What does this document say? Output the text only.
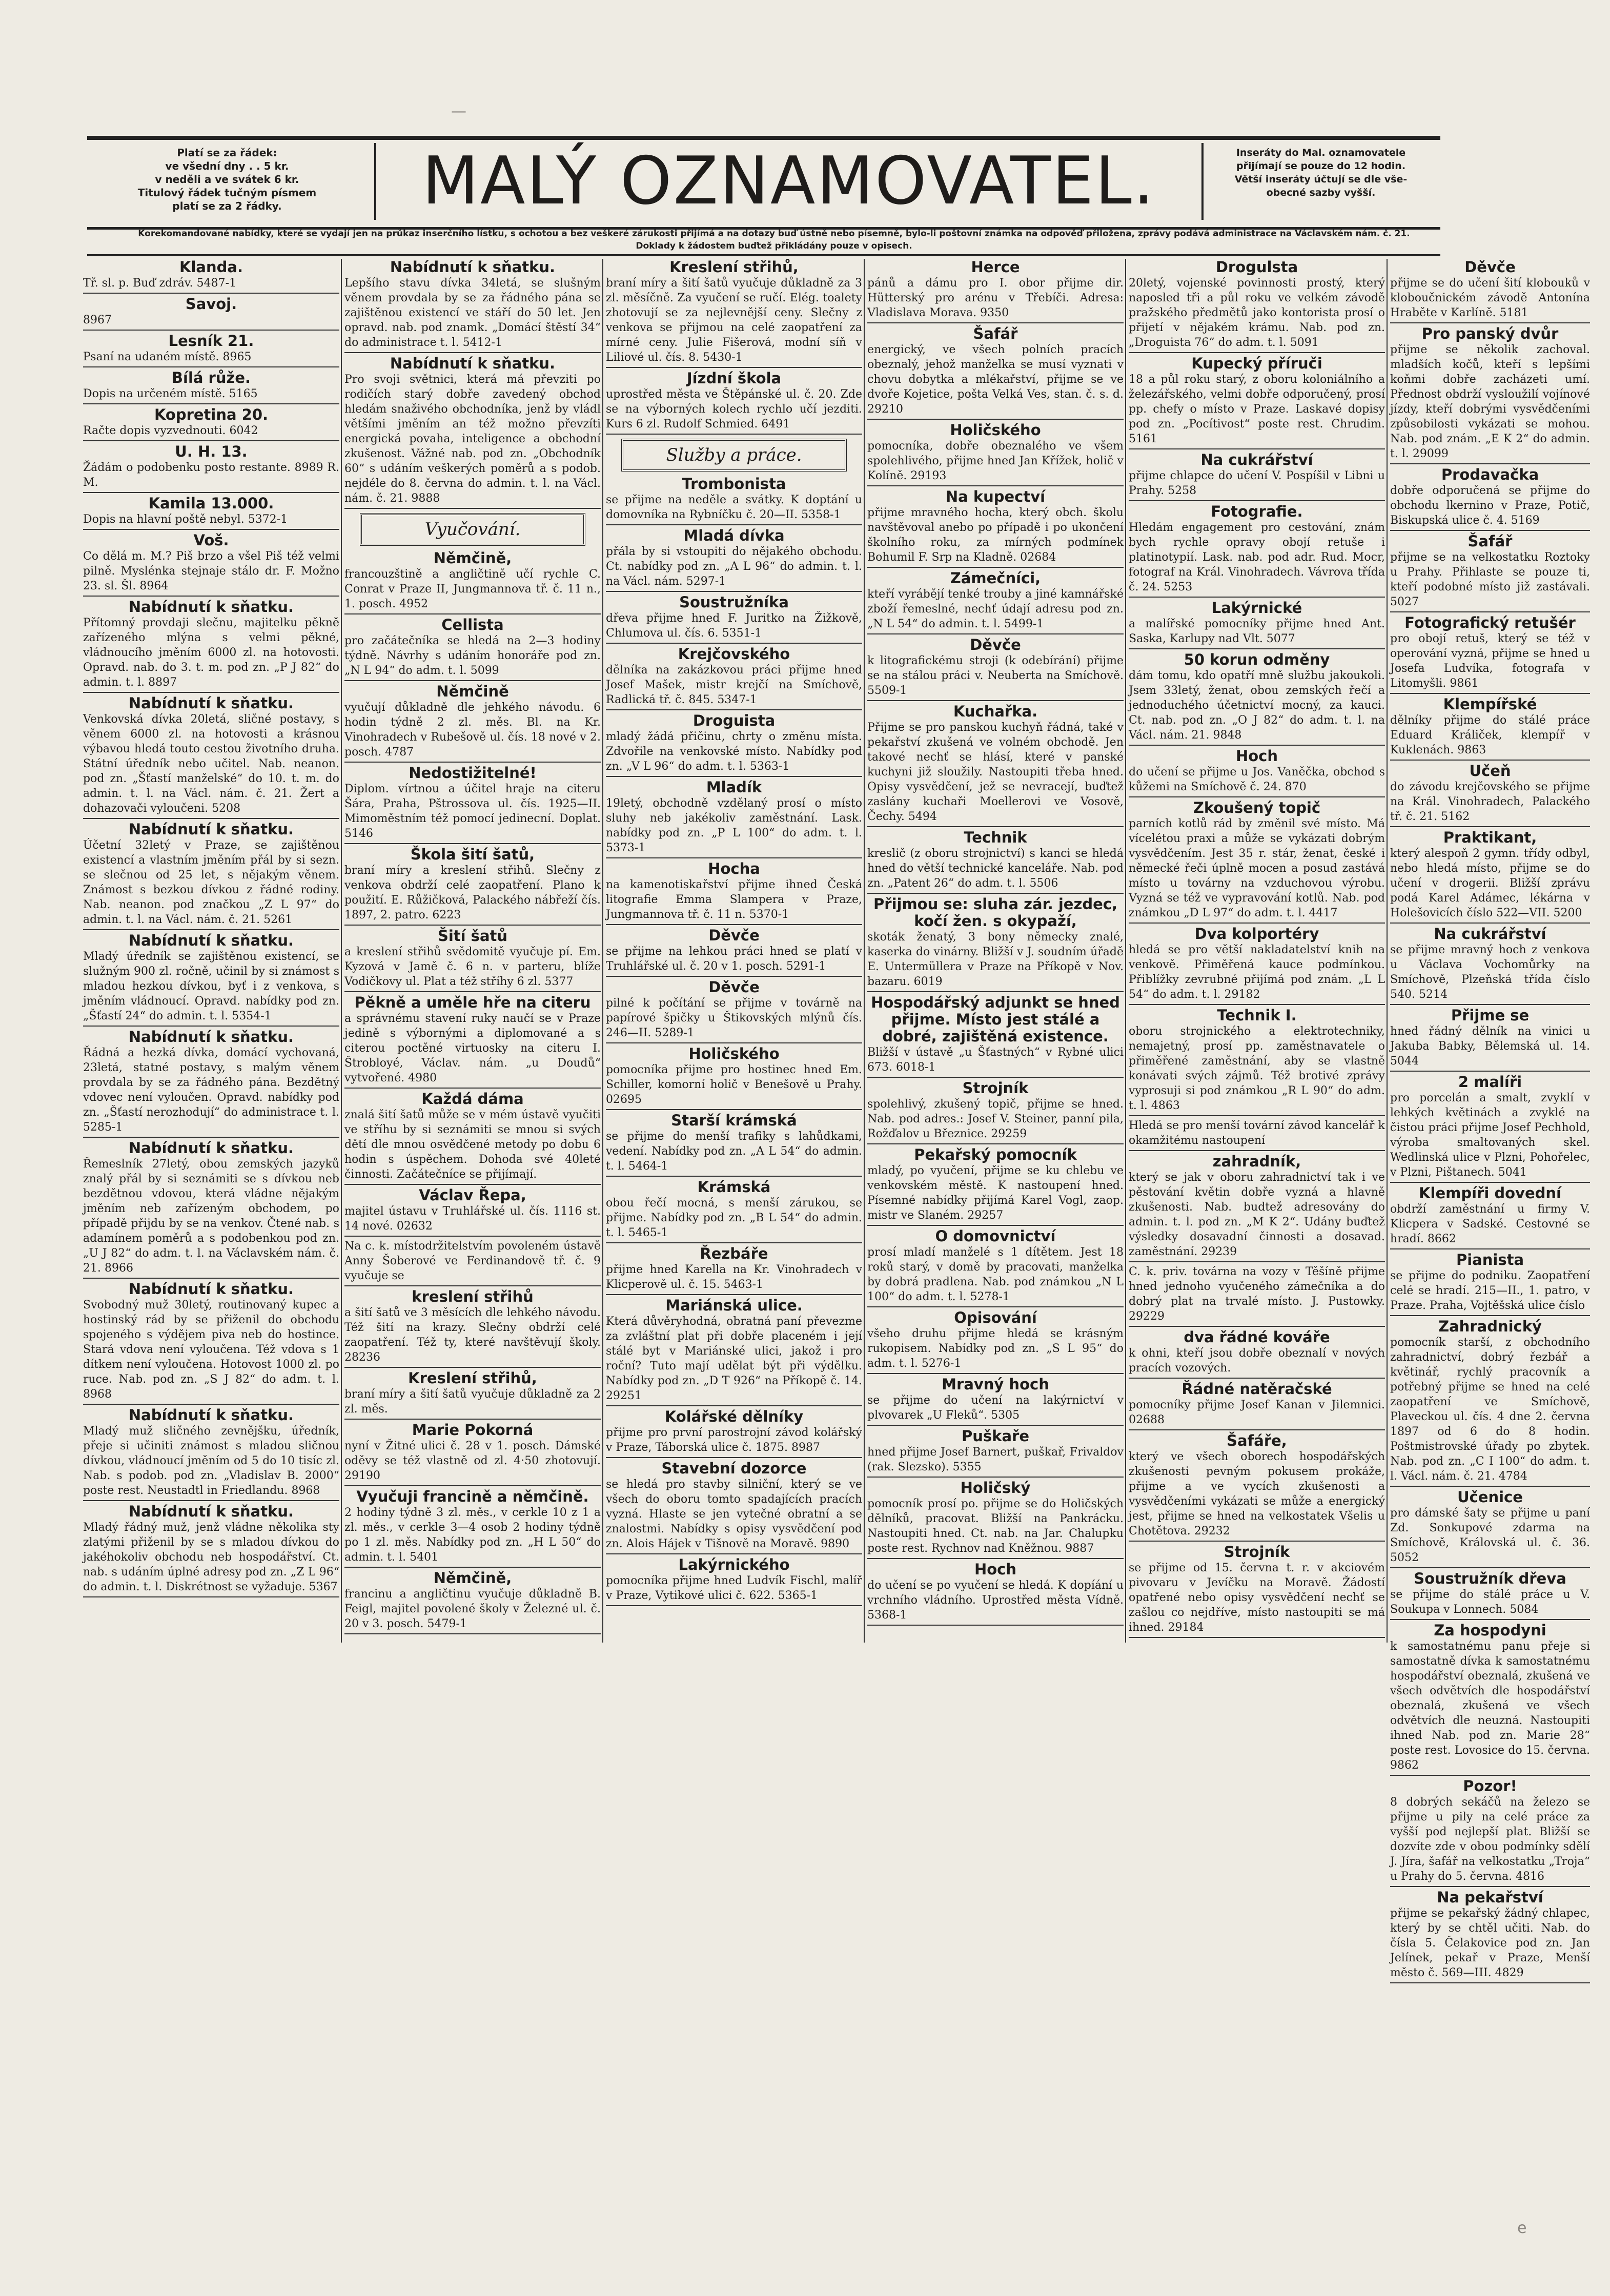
Platí se za řádek:
ve všední dny . . 5 kr.
v neděli a ve svátek 6 kr.
Titulový řádek tučným písmem
platí se za 2 řádky.	MALÝ OZNAMOVATEL.	Inseráty do Mal. oznamovatele
přijímají se pouze do 12 hodin.
Větší inseráty účtují se dle vše-
obecné sazby vyšší.
Korekomandované nabídky, které se vydají jen na průkaz inserčního lístku, s ochotou a bez veškeré zárukosti přijímá a na dotazy buď ústně nebo písemně, bylo-li poštovní známka na odpověď přiložena, zprávy podává administrace na Václavském nám. č. 21. Doklady k žádostem buďtež přikládány pouze v opisech.
Klanda.
Tř. sl. p. Buď zdráv. 5487-1
Savoj.
8967
Lesník 21.
Psaní na udaném místě. 8965
Bílá růže.
Dopis na určeném místě. 5165
Kopretina 20.
Račte dopis vyzvednouti. 6042
U. H. 13.
Žádám o podobenku posto restante. 8989 R. M.
Kamila 13.000.
Dopis na hlavní poště nebyl. 5372-1
Voš.
Co dělá m. M.? Piš brzo a všel Piš též velmi pilně. Myslénka stejnaje stálo dr. F. Možno 23. sl. Šl. 8964
Nabídnutí k sňatku.
Přítomný provdaji slečnu, majitelku pěkně zařízeného mlýna s velmi pěkné, vládnoucího jměním 6000 zl. na hotovosti. Opravd. nab. do 3. t. m. pod zn. „P J 82“ do admin. t. l. 8897
Nabídnutí k sňatku.
Venkovská dívka 20letá, sličné postavy, s věnem 6000 zl. na hotovosti a krásnou výbavou hledá touto cestou životního druha. Státní úředník nebo učitel. Nab. neanon. pod zn. „Šťastí manželské“ do 10. t. m. do admin. t. l. na Václ. nám. č. 21. Žert a dohazovači vyloučeni. 5208
Nabídnutí k sňatku.
Účetní 32letý v Praze, se zajištěnou existencí a vlastním jměním přál by si sezn. se slečnou od 25 let, s nějakým věnem. Známost s bezkou dívkou z řádné rodiny. Nab. neanon. pod značkou „Z L 97“ do admin. t. l. na Václ. nám. č. 21. 5261
Nabídnutí k sňatku.
Mladý úředník se zajištěnou existencí, se služným 900 zl. ročně, učinil by si známost s mladou hezkou dívkou, byť i z venkova, s jměním vládnoucí. Opravd. nabídky pod zn. „Šťastí 24“ do admin. t. l. 5354-1
Nabídnutí k sňatku.
Řádná a hezká dívka, domácí vychovaná, 23letá, statné postavy, s malým věnem provdala by se za řádného pána. Bezdětný vdovec není vyloučen. Opravd. nabídky pod zn. „Šťastí nerozhodují“ do administrace t. l. 5285-1
Nabídnutí k sňatku.
Řemeslník 27letý, obou zemských jazyků znalý přál by si seznámiti se s dívkou neb bezdětnou vdovou, která vládne nějakým jměním neb zařízeným obchodem, po případě přijdu by se na venkov. Čtené nab. s adamínem poměrů a s podobenkou pod zn. „U J 82“ do adm. t. l. na Václavském nám. č. 21. 8966
Nabídnutí k sňatku.
Svobodný muž 30letý, routinovaný kupec a hostinský rád by se přiženil do obchodu spojeného s výdějem piva neb do hostince. Stará vdova není vyloučena. Též vdova s 1 dítkem není vyloučena. Hotovost 1000 zl. po ruce. Nab. pod zn. „S J 82“ do adm. t. l. 8968
Nabídnutí k sňatku.
Mladý muž sličného zevnějšku, úředník, přeje si učiniti známost s mladou sličnou dívkou, vládnoucí jměním od 5 do 10 tisíc zl. Nab. s podob. pod zn. „Vladislav B. 2000“ poste rest. Neustadtl in Friedlandu. 8968
Nabídnutí k sňatku.
Mladý řádný muž, jenž vládne několika sty zlatými přiženil by se s mladou dívkou do jakéhokoliv obchodu neb hospodářství. Ct. nab. s udáním úplné adresy pod zn. „Z L 96“ do admin. t. l. Diskrétnost se vyžaduje. 5367
Nabídnutí k sňatku.
Lepšího stavu dívka 34letá, se slušným věnem provdala by se za řádného pána se zajištěnou existencí ve stáří do 50 let. Jen opravd. nab. pod znamk. „Domácí štěstí 34“ do administrace t. l. 5412-1
Nabídnutí k sňatku.
Pro svoji světnici, která má převziti po rodičích starý dobře zavedený obchod hledám snaživého obchodníka, jenž by vládl většími jměním an též možno převzíti energická povaha, inteligence a obchodní zkušenost. Vážné nab. pod zn. „Obchodník 60“ s udáním veškerých poměrů a s podob. nejdéle do 8. června do admin. t. l. na Václ. nám. č. 21. 9888
Vyučování.
Němčině,
francouzštině a angličtině učí rychle C. Conrat v Praze II, Jungmannova tř. č. 11 n., 1. posch. 4952
Cellista
pro začátečníka se hledá na 2—3 hodiny týdně. Návrhy s udáním honoráře pod zn. „N L 94“ do adm. t. l. 5099
Němčině
vyučují důkladně dle jehkého návodu. 6 hodin týdně 2 zl. měs. Bl. na Kr. Vinohradech v Rubešově ul. čís. 18 nové v 2. posch. 4787
Nedostižitelné!
Diplom. vírtnou a účitel hraje na citeru Šára, Praha, Pštrossova ul. čís. 1925—II. Mimoměstním též pomocí jedinecní. Doplat. 5146
Škola šití šatů,
braní míry a kreslení střihů. Slečny z venkova obdrží celé zaopatření. Plano k použití. E. Růžičková, Palackého nábřeží čís. 1897, 2. patro. 6223
Šití šatů
a kreslení střihů svědomitě vyučuje pí. Em. Kyzová v Jamě č. 6 n. v parteru, blíže Vodičkovy ul. Plat a též stříhy 6 zl. 5377
Pěkně a uměle hře na citeru
a správnému stavení ruky naučí se v Praze jedině s výbornými a diplomované a s citerou poctěné virtuosky na citeru I. Štrobloyé, Václav. nám. „u Doudů“ vytvořené. 4980
Každá dáma
znalá šití šatů může se v mém ústavě vyučiti ve stříhu by si seznámiti se mnou si svých dětí dle mnou osvědčené metody po dobu 6 hodin s úspěchem. Dohoda své 40leté činnosti. Začátečníce se přijímají.
Václav Řepa,
majitel ústavu v Truhlářské ul. čís. 1116 st. 14 nové. 02632
Na c. k. místodržitelstvím povoleném ústavě Anny Šoberové ve Ferdinandově tř. č. 9 vyučuje se
kreslení střihů
a šití šatů ve 3 měsících dle lehkého návodu. Též šití na krazy. Slečny obdrží celé zaopatření. Též ty, které navštěvují školy. 28236
Kreslení střihů,
braní míry a šití šatů vyučuje důkladně za 2 zl. měs.
Marie Pokorná
nyní v Žitné ulici č. 28 v 1. posch. Dámské oděvy se též vlastně od zl. 4·50 zhotovují. 29190
Vyučuji francině a němčině.
2 hodiny týdně 3 zl. měs., v cerkle 10 z 1 a zl. měs., v cerkle 3—4 osob 2 hodiny týdně po 1 zl. měs. Nabídky pod zn. „H L 50“ do admin. t. l. 5401
Němčině,
francinu a angličtinu vyučuje důkladně B. Feigl, majitel povolené školy v Železné ul. č. 20 v 3. posch. 5479-1
Kreslení střihů,
braní míry a šití šatů vyučuje důkladně za 3 zl. měsíčně. Za vyučení se ručí. Elég. toalety zhotovují se za nejlevnější ceny. Slečny z venkova se přijmou na celé zaopatření za mírné ceny. Julie Fišerová, modní síň v Liliové ul. čís. 8. 5430-1
Jízdní škola
uprostřed města ve Štěpánské ul. č. 20. Zde se na výborných kolech rychlo učí jezditi. Kurs 6 zl. Rudolf Schmied. 6491
Služby a práce.
Trombonista
se přijme na neděle a svátky. K doptání u domovníka na Rybníčku č. 20—II. 5358-1
Mladá dívka
přála by si vstoupiti do nějakého obchodu. Ct. nabídky pod zn. „A L 96“ do admin. t. l. na Václ. nám. 5297-1
Soustružníka
dřeva přijme hned F. Juritko na Žižkově, Chlumova ul. čís. 6. 5351-1
Krejčovského
dělníka na zakázkovou práci přijme hned Josef Mašek, mistr krejčí na Smíchově, Radlická tř. č. 845. 5347-1
Droguista
mladý žádá přičinu, chrty o změnu místa. Zdvořile na venkovské místo. Nabídky pod zn. „V L 96“ do adm. t. l. 5363-1
Mladík
19letý, obchodně vzdělaný prosí o místo sluhy neb jakékoliv zaměstnání. Lask. nabídky pod zn. „P L 100“ do adm. t. l. 5373-1
Hocha
na kamenotiskařství přijme ihned Česká litografie Emma Slampera v Praze, Jungmannova tř. č. 11 n. 5370-1
Děvče
se přijme na lehkou práci hned se platí v Truhlářské ul. č. 20 v 1. posch. 5291-1
Děvče
pilné k počítání se přijme v továrně na papírové špičky u Štikovských mlýnů čís. 246—II. 5289-1
Holičského
pomocníka přijme pro hostinec hned Em. Schiller, komorní holič v Benešově u Prahy. 02695
Starší krámská
se přijme do menší trafiky s lahůdkami, vedení. Nabídky pod zn. „A L 54“ do admin. t. l. 5464-1
Krámská
obou řečí mocná, s menší zárukou, se přijme. Nabídky pod zn. „B L 54“ do admin. t. l. 5465-1
Řezbáře
přijme hned Karella na Kr. Vinohradech v Klicperově ul. č. 15. 5463-1
Mariánská ulice.
Která důvěryhodná, obratná paní převezme za zvláštní plat při dobře placeném i její stálé byt v Mariánské ulici, jakož i pro roční? Tuto mají udělat být při výdělku. Nabídky pod zn. „D T 926“ na Příkopě č. 14. 29251
Kolářské dělníky
přijme pro první parostrojní závod kolářský v Praze, Táborská ulice č. 1875. 8987
Stavební dozorce
se hledá pro stavby silniční, který se ve všech do oboru tomto spadajících pracích vyzná. Hlaste se jen vytečné obratní a se znalostmi. Nabídky s opisy vysvědčení pod zn. Alois Hájek v Tišnově na Moravě. 9890
Lakýrnického
pomocníka přijme hned Ludvík Fischl, malíř v Praze, Vytikové ulici č. 622. 5365-1
Herce
pánů a dámu pro I. obor přijme dir. Hütterský pro arénu v Třebíči. Adresa: Vladislava Morava. 9350
Šafář
energický, ve všech polních pracích obeznalý, jehož manželka se musí vyznati v chovu dobytka a mlékařství, přijme se ve dvoře Kojetice, pošta Velká Ves, stan. č. s. d. 29210
Holičského
pomocníka, dobře obeznalého ve všem spolehlivého, přijme hned Jan Křížek, holič v Kolíně. 29193
Na kupectví
přijme mravného hocha, který obch. školu navštěvoval anebo po případě i po ukončení školního roku, za mírných podmínek Bohumil F. Srp na Kladně. 02684
Zámečníci,
kteří vyrábějí tenké trouby a jiné kamnářské zboží řemeslné, nechť údají adresu pod zn. „N L 54“ do admin. t. l. 5499-1
Děvče
k litografickému stroji (k odebírání) přijme se na stálou práci v. Neuberta na Smíchově. 5509-1
Kuchařka.
Přijme se pro panskou kuchyň řádná, také v pekařství zkušená ve volném obchodě. Jen takové nechť se hlásí, které v panské kuchyni již sloužily. Nastoupiti třeba hned. Opisy vysvědčení, jež se nevracejí, buďtež zaslány kuchaři Moellerovi ve Vosově, Čechy. 5494
Technik
kreslič (z oboru strojnictví) s kanci se hledá hned do větší technické kanceláře. Nab. pod zn. „Patent 26“ do adm. t. l. 5506
Přijmou se: sluha zár. jezdec, kočí žen. s okypaží,
skoták ženatý, 3 bony německy znalé, kaserka do vinárny. Bližší v J. soudním úřadě E. Untermüllera v Praze na Příkopě v Nov. bazaru. 6019
Hospodářský adjunkt se hned přijme. Místo jest stálé a dobré, zajištěná existence.
Bližší v ústavě „u Šťastných“ v Rybné ulici 673. 6018-1
Strojník
spolehlivý, zkušený topič, přijme se hned. Nab. pod adres.: Josef V. Steiner, panní pila, Rožďalov u Březnice. 29259
Pekařský pomocník
mladý, po vyučení, přijme se ku chlebu ve venkovském městě. K nastoupení hned. Písemné nabídky přijímá Karel Vogl, zaop. mistr ve Slaném. 29257
O domovnictví
prosí mladí manželé s 1 dítětem. Jest 18 roků starý, v domě by pracovati, manželka by dobrá pradlena. Nab. pod známkou „N L 100“ do adm. t. l. 5278-1
Opisování
všeho druhu přijme hledá se krásným rukopisem. Nabídky pod zn. „S L 95“ do adm. t. l. 5276-1
Mravný hoch
se přijme do učení na lakýrnictví v plvovarek „U Fleků“. 5305
Puškaře
hned přijme Josef Barnert, puškař, Frivaldov (rak. Slezsko). 5355
Holičský
pomocník prosí po. přijme se do Holičských dělníků, pracovat. Bližší na Pankrácku. Nastoupiti hned. Ct. nab. na Jar. Chalupku poste rest. Rychnov nad Kněžnou. 9887
Hoch
do učení se po vyučení se hledá. K dopíání u vrchního vládního. Uprostřed města Vídně. 5368-1
Drogulsta
20letý, vojenské povinnosti prostý, který naposled tři a půl roku ve velkém závodě pražského předmětů jako kontorista prosí o přijetí v nějakém krámu. Nab. pod zn. „Droguista 76“ do adm. t. l. 5091
Kupecký příruči
18 a půl roku starý, z oboru koloniálního a železářského, velmi dobře odporučený, prosí pp. chefy o místo v Praze. Laskavé dopisy pod zn. „Pocítivost“ poste rest. Chrudim. 5161
Na cukrářství
přijme chlapce do učení V. Pospíšil v Libni u Prahy. 5258
Fotografie.
Hledám engagement pro cestování, znám bych rychle opravy obojí retuše i platinotypií. Lask. nab. pod adr. Rud. Mocr, fotograf na Král. Vinohradech. Vávrova třída č. 24. 5253
Lakýrnické
a malířské pomocníky přijme hned Ant. Saska, Karlupy nad Vlt. 5077
50 korun odměny
dám tomu, kdo opatří mně službu jakoukoli. Jsem 33letý, ženat, obou zemských řečí a jednoduchého účetnictví mocný, za kauci. Ct. nab. pod zn. „O J 82“ do adm. t. l. na Václ. nám. 21. 9848
Hoch
do učení se přijme u Jos. Vaněčka, obchod s kůžemi na Smíchově č. 24. 870
Zkoušený topič
parních kotlů rád by změnil své místo. Má vícelétou praxi a může se vykázati dobrým vysvědčením. Jest 35 r. stár, ženat, české i německé řeči úplně mocen a posud zastává místo u továrny na vzduchovou výrobu. Vyzná se též ve vypravování kotlů. Nab. pod známkou „D L 97“ do adm. t. l. 4417
Dva kolportéry
hledá se pro větší nakladatelství knih na venkově. Přiměřená kauce podmínkou. Přiblížky zevrubné přijímá pod znám. „L L 54“ do adm. t. l. 29182
Technik I.
oboru strojnického a elektrotechniky, nemajetný, prosí pp. zaměstnavatele o přiměřené zaměstnání, aby se vlastně konávati svých zájmů. Též brotivé zprávy vyprosuji si pod známkou „R L 90“ do adm. t. l. 4863
Hledá se pro menší tovární závod kancelář k okamžitému nastoupení
zahradník,
který se jak v oboru zahradnictví tak i ve pěstování květin dobře vyzná a hlavně zkušenosti. Nab. budtež adresovány do admin. t. l. pod zn. „M K 2“. Udány buďtež výsledky dosavadní činnosti a dosavad. zaměstnání. 29239
C. k. priv. továrna na vozy v Těšíně přijme hned jednoho vyučeného zámečníka a do dobrý plat na trvalé místo. J. Pustowky. 29229
dva řádné kováře
k ohni, kteří jsou dobře obeznalí v nových pracích vozových.
Řádné natěračské
pomocníky přijme Josef Kanan v Jilemnici. 02688
Šafáře,
který ve všech oborech hospodářských zkušenosti pevným pokusem prokáže, přijme a ve vycích zkušenosti a vysvědčeními vykázati se může a energický jest, přijme se hned na velkostatek Všelis u Chotětova. 29232
Strojník
se přijme od 15. června t. r. v akciovém pivovaru v Jevíčku na Moravě. Žádostí opatřené nebo opisy vysvědčení nechť se zašlou co nejdříve, místo nastoupiti se má ihned. 29184
Děvče
přijme se do učení šití klobouků v kloboučnickém závodě Antonína Hraběte v Karlíně. 5181
Pro panský dvůr
přijme se několik zachoval. mladších kočů, kteří s lepšími koňmi dobře zacházeti umí. Přednost obdrží vysloužilí vojínové jízdy, kteří dobrými vysvědčeními způsobilosti vykázati se mohou. Nab. pod znám. „E K 2“ do admin. t. l. 29099
Prodavačka
dobře odporučená se přijme do obchodu lkernino v Praze, Potič, Biskupská ulice č. 4. 5169
Šafář
přijme se na velkostatku Roztoky u Prahy. Přihlaste se pouze ti, kteří podobné místo již zastávali. 5027
Fotografický retušér
pro obojí retuš, který se též v operování vyzná, přijme se hned u Josefa Ludvíka, fotografa v Litomyšli. 9861
Klempířské
dělníky přijme do stálé práce Eduard Králiček, klempíř v Kuklenách. 9863
Učeň
do závodu krejčovského se přijme na Král. Vinohradech, Palackého tř. č. 21. 5162
Praktikant,
který alespoň 2 gymn. třídy odbyl, nebo hledá místo, přijme se do učení v drogerii. Bližší zprávu podá Karel Adámec, lékárna v Holešovicích číslo 522—VII. 5200
Na cukrářství
se přijme mravný hoch z venkova u Václava Vochomůrky na Smíchově, Plzeňská třída číslo 540. 5214
Přijme se
hned řádný dělník na vinici u Jakuba Babky, Bělemská ul. 14. 5044
2 malíři
pro porcelán a smalt, zvyklí v lehkých květinách a zvyklé na čistou práci přijme Josef Pechhold, výroba smaltovaných skel. Wedlinská ulice v Plzni, Pohořelec, v Plzni, Pištanech. 5041
Klempíři dovední
obdrží zaměstnání u firmy V. Klicpera v Sadské. Cestovné se hradí. 8662
Pianista
se přijme do podniku. Zaopatření celé se hradí. 215—II., 1. patro, v Praze. Praha, Vojtěšská ulice číslo
Zahradnický
pomocník starší, z obchodního zahradnictví, dobrý řezbář a květinář, rychlý pracovník a potřebný přijme se hned na celé zaopatření ve Smíchově, Plaveckou ul. čís. 4 dne 2. června 1897 od 6 do 8 hodin. Poštmistrovské úřady po zbytek. Nab. pod zn. „C I 100“ do adm. t. l. Václ. nám. č. 21. 4784
Učenice
pro dámské šaty se přijme u paní Zd. Sonkupové zdarma na Smíchově, Královská ul. č. 36. 5052
Soustružník dřeva
se přijme do stálé práce u V. Soukupa v Lonnech. 5084
Za hospodyni
k samostatnému panu přeje si samostatně dívka k samostatnému hospodářství obeznalá, zkušená ve všech odvětvích dle hospodářství obeznalá, zkušená ve všech odvětvích dle neuzná. Nastoupiti ihned Nab. pod zn. Marie 28“ poste rest. Lovosice do 15. června. 9862
Pozor!
8 dobrých sekáčů na železo se přijme u pily na celé práce za vyšší pod nejlepší plat. Bližší se dozvíte zde v obou podmínky sdělí J. Jíra, šafář na velkostatku „Troja“ u Prahy do 5. června. 4816
Na pekařství
přijme se pekařský žádný chlapec, který by se chtěl učiti. Nab. do čísla 5. Čelakovice pod zn. Jan Jelínek, pekař v Praze, Menší město č. 569—III. 4829
—
e
